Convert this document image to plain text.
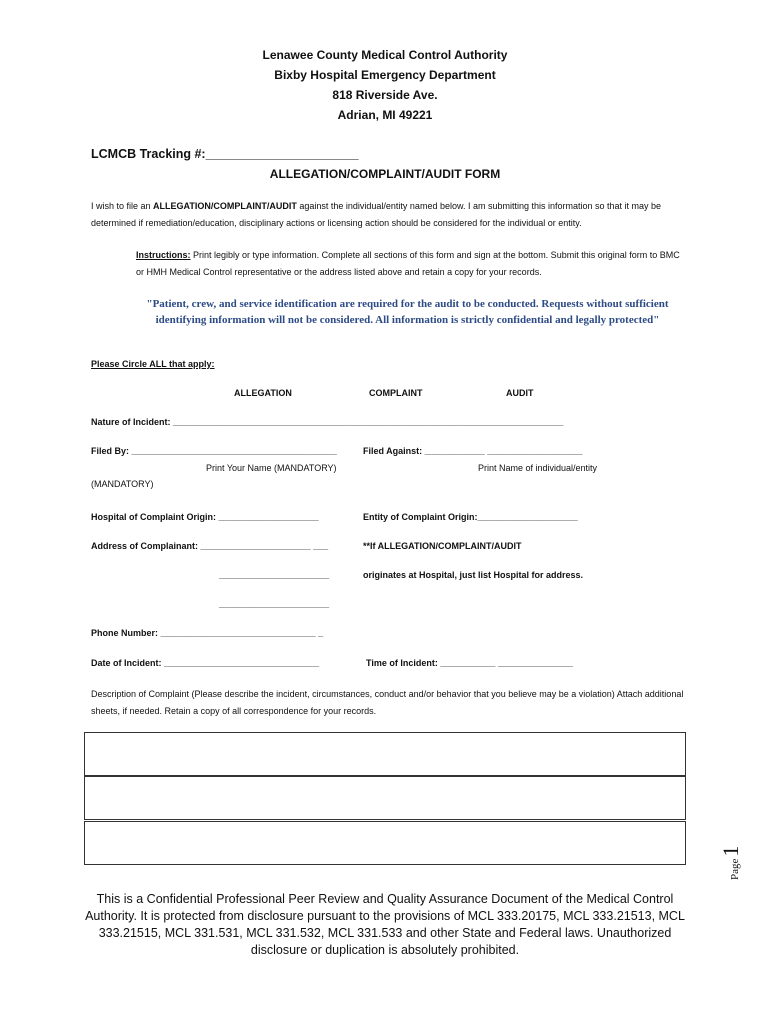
Lenawee County Medical Control Authority
Bixby Hospital Emergency Department
818 Riverside Ave.
Adrian, MI 49221
LCMCB Tracking #:______________________
ALLEGATION/COMPLAINT/AUDIT FORM
I wish to file an ALLEGATION/COMPLAINT/AUDIT against the individual/entity named below. I am submitting this information so that it may be determined if remediation/education, disciplinary actions or licensing action should be considered for the individual or entity.
Instructions: Print legibly or type information. Complete all sections of this form and sign at the bottom. Submit this original form to BMC or HMH Medical Control representative or the address listed above and retain a copy for your records.
"Patient, crew, and service identification are required for the audit to be conducted. Requests without sufficient identifying information will not be considered. All information is strictly confidential and legally protected"
Please Circle ALL that apply:
ALLEGATION	COMPLAINT	AUDIT
Nature of Incident: ______________________________________________________________________________
Filed By: _________________________________________	Filed Against: ____________ ___________________
Print Your Name (MANDATORY)	Print Name of individual/entity
(MANDATORY)
Hospital of Complaint Origin: ____________________	Entity of Complaint Origin:____________________
Address of Complainant: ______________________ ___	**If ALLEGATION/COMPLAINT/AUDIT
______________________	originates at Hospital, just list Hospital for address.
______________________
Phone Number: _______________________________ _
Date of Incident: _______________________________	Time of Incident: ___________ _______________
Description of Complaint (Please describe the incident, circumstances, conduct and/or behavior that you believe may be a violation) Attach additional sheets, if needed. Retain a copy of all correspondence for your records.
Page1
This is a Confidential Professional Peer Review and Quality Assurance Document of the Medical Control Authority. It is protected from disclosure pursuant to the provisions of MCL 333.20175, MCL 333.21513, MCL 333.21515, MCL 331.531, MCL 331.532, MCL 331.533 and other State and Federal laws. Unauthorized disclosure or duplication is absolutely prohibited.
